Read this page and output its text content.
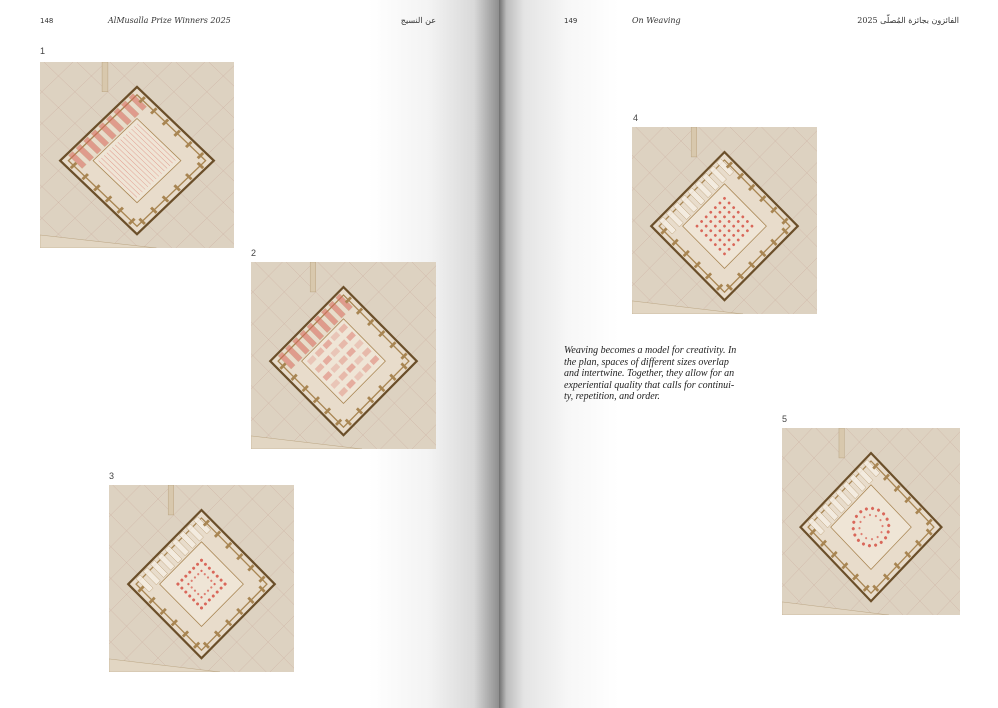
148	AlMusalla Prize Winners 2025	عن النسيج
1
2
3
149	On Weaving	الفائزون بجائزة المُصلّى 2025
4
5
Weaving becomes a model for creativity. In
the plan, spaces of different sizes overlap
and intertwine. Together, they allow for an
experiential quality that calls for continui-
ty, repetition, and order.
